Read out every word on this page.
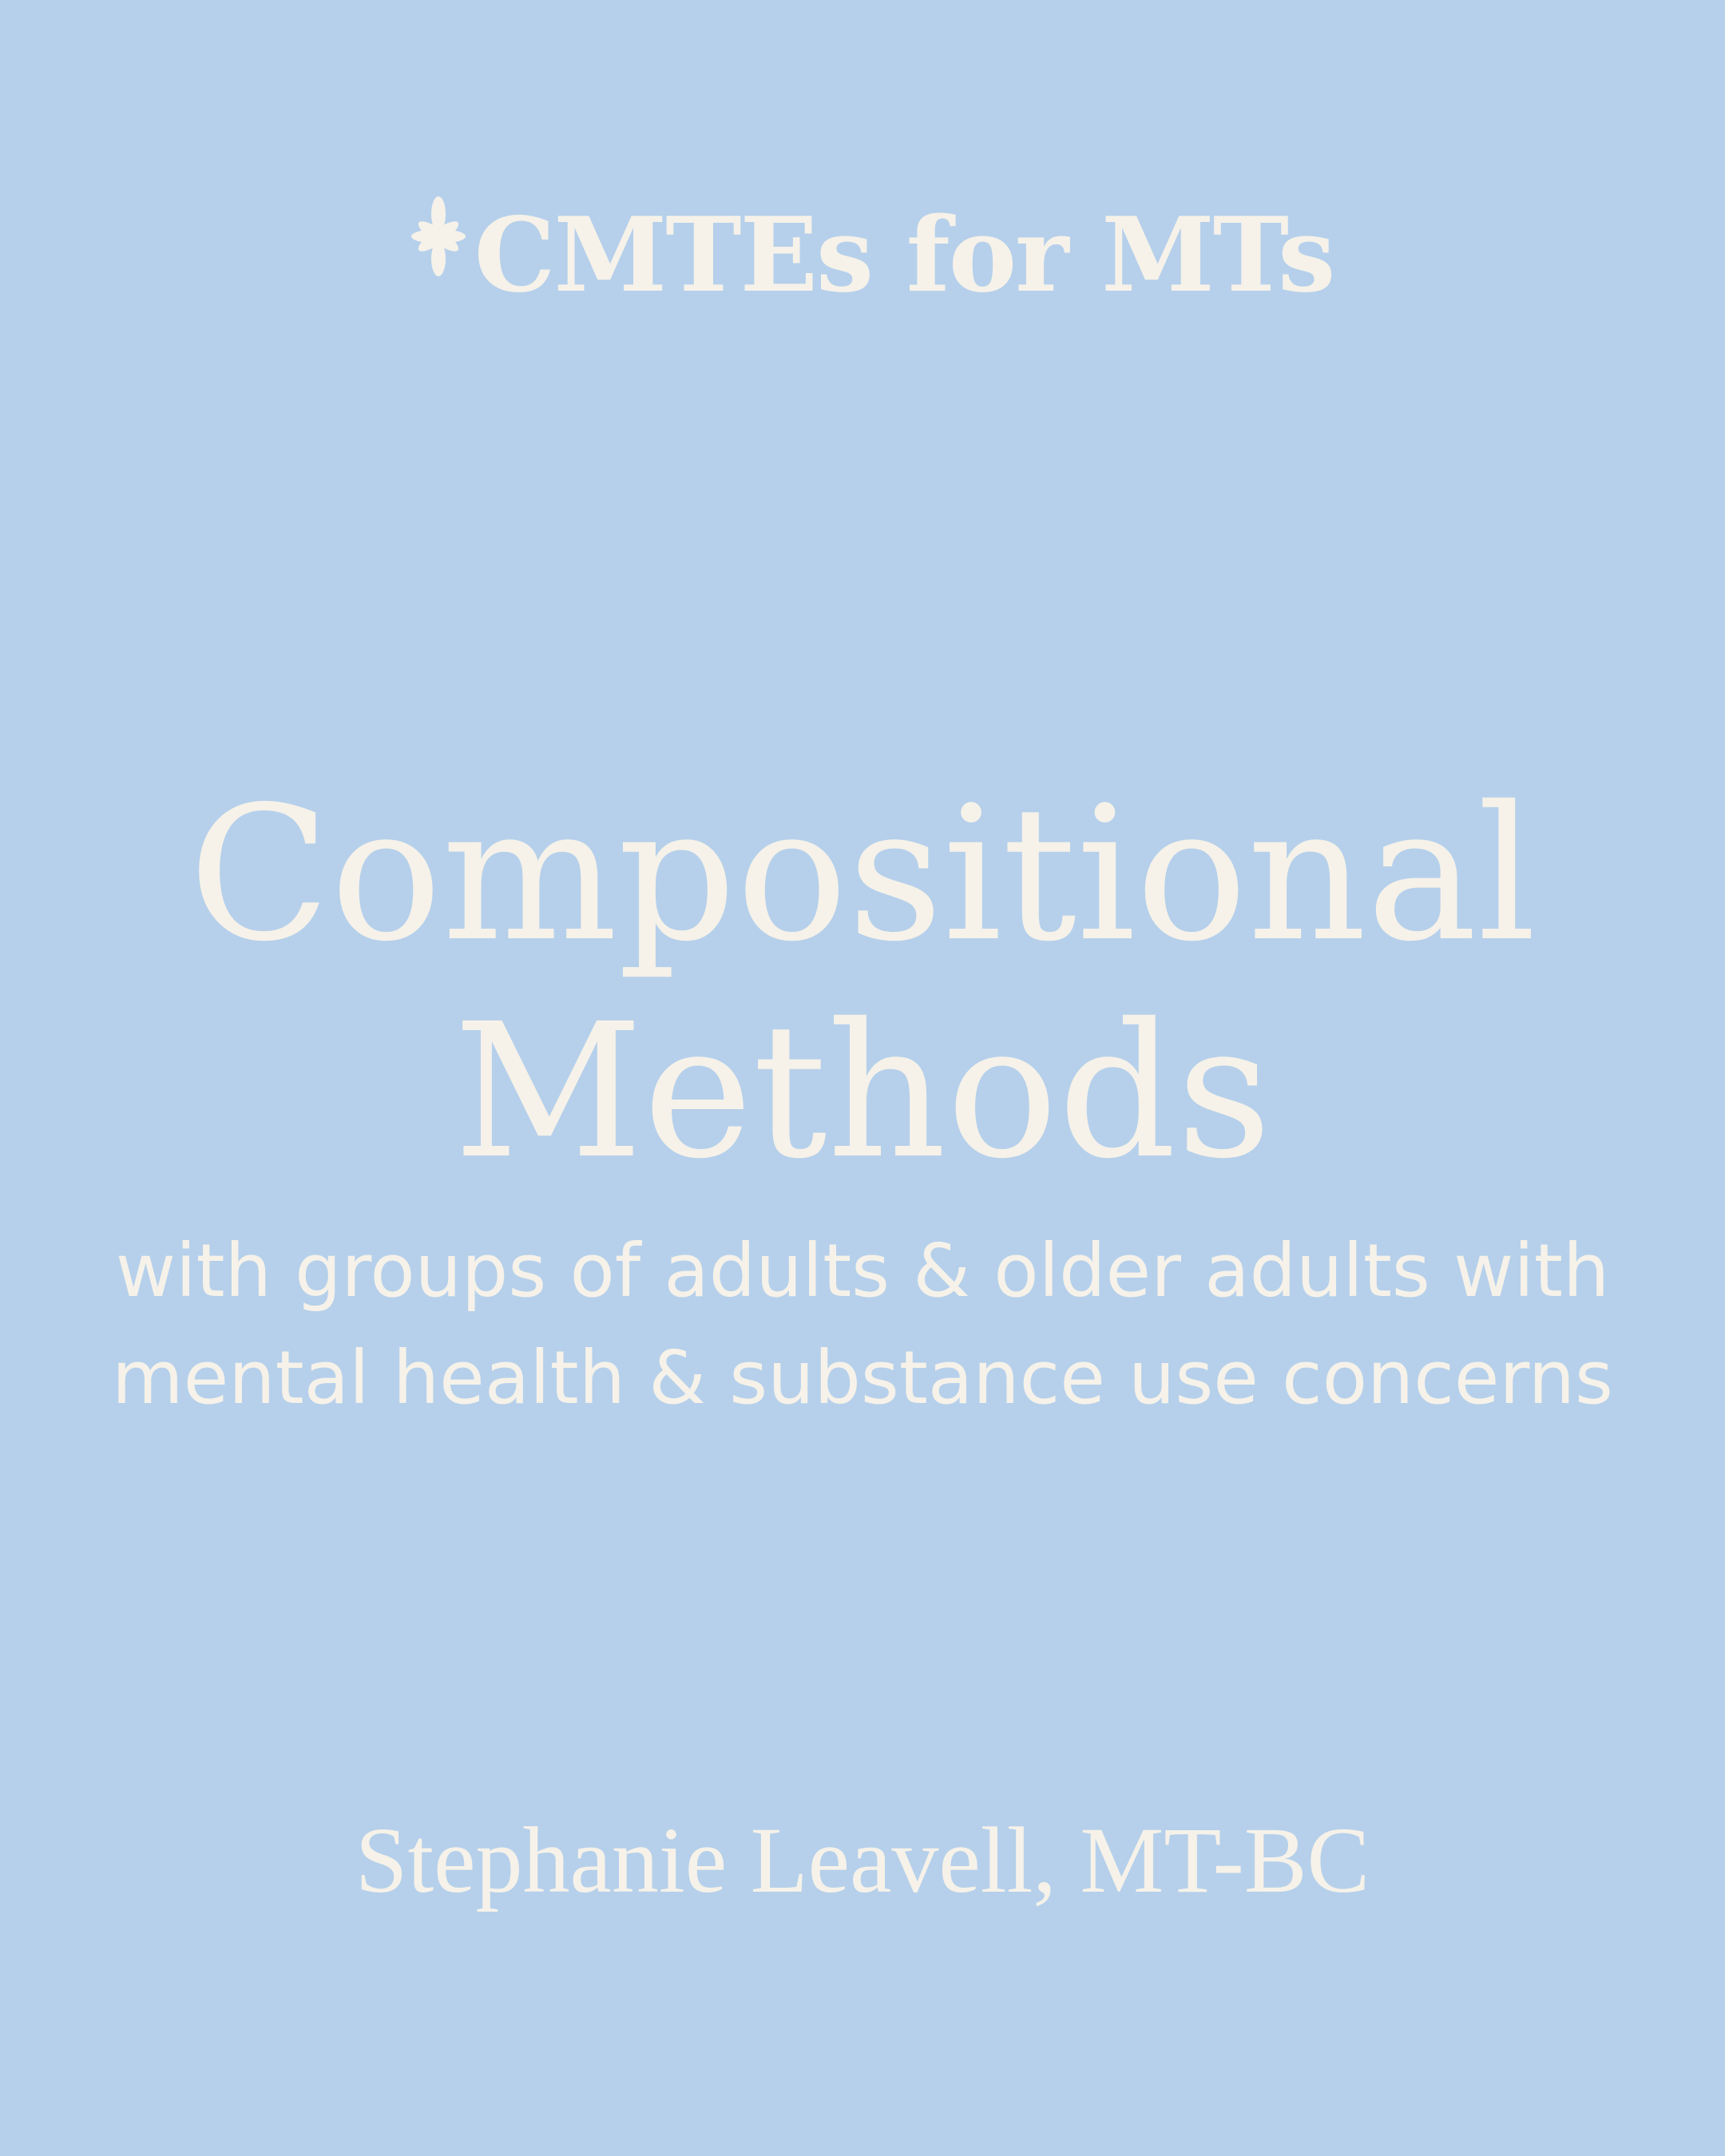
CMTEs for MTs
Compositional
Methods
with groups of adults & older adults with
mental health & substance use concerns
Stephanie Leavell, MT-BC
